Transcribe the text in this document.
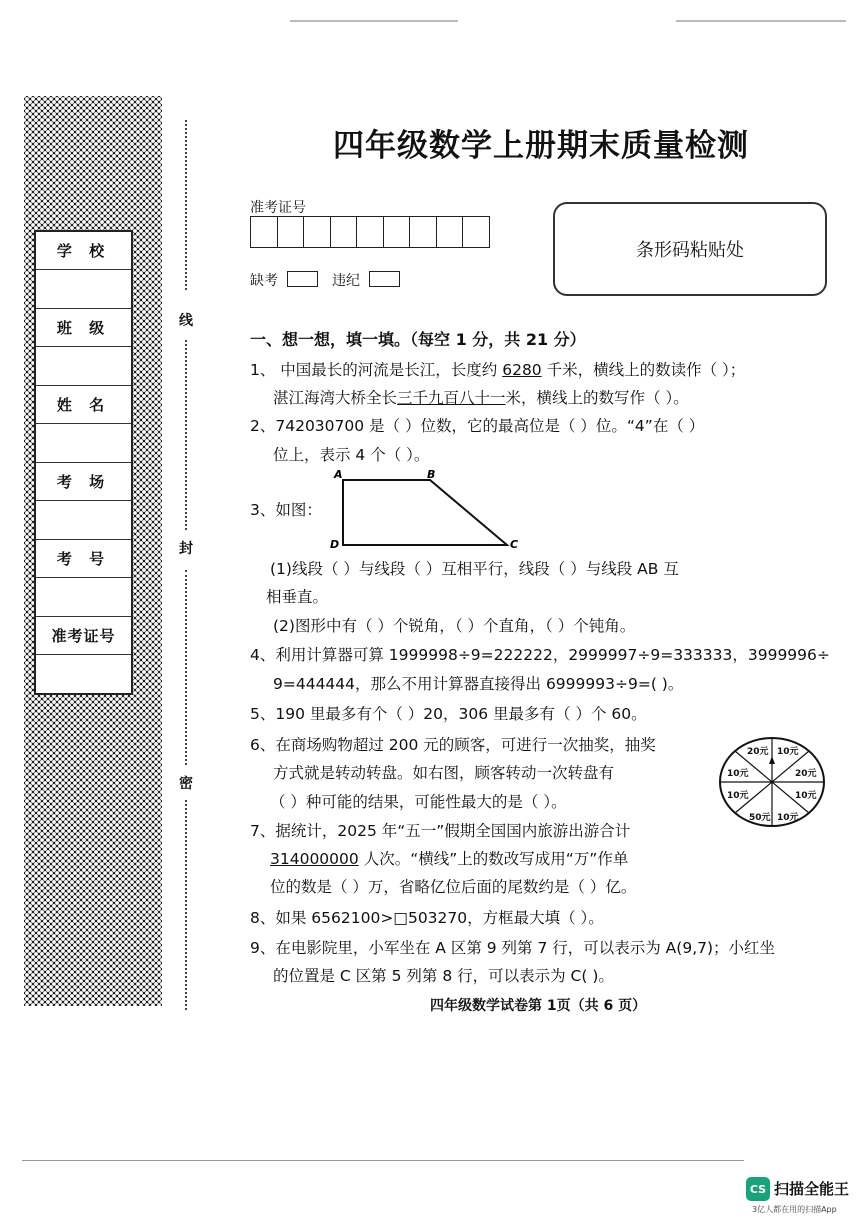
学 校
班 级
姓 名
考 场
考 号
准考证号
线
封
密
四年级数学上册期末质量检测
准考证号
缺考	违纪
条形码粘贴处
一、想一想，填一填。（每空 1 分，共 21 分）
1、 中国最长的河流是长江，长度约 6280 千米，横线上的数读作（ ）；
湛江海湾大桥全长三千九百八十一米，横线上的数写作（ ）。
2、742030700 是（ ）位数，它的最高位是（ ）位。“4”在（ ）
位上，表示 4 个（ ）。
3、如图：
A	B
C
D
(1)线段（ ）与线段（ ）互相平行，线段（ ）与线段 AB 互
相垂直。
(2)图形中有（ ）个锐角，（ ）个直角，（ ）个钝角。
4、利用计算器可算 1999998÷9=222222，2999997÷9=333333，3999996÷
9=444444，那么不用计算器直接得出 6999993÷9=( )。
5、190 里最多有个（ ）20，306 里最多有（ ）个 60。
6、在商场购物超过 200 元的顾客，可进行一次抽奖，抽奖
方式就是转动转盘。如右图，顾客转动一次转盘有
（ ）种可能的结果，可能性最大的是（ ）。
20元 10元
10元	20元
10元
50元 10元
10元
7、据统计，2025 年“五一”假期全国国内旅游出游合计
314000000 人次。“横线”上的数改写成用“万”作单
位的数是（ ）万，省略亿位后面的尾数约是（ ）亿。
8、如果 6562100>□503270，方框最大填（ ）。
9、在电影院里，小军坐在 A 区第 9 列第 7 行，可以表示为 A(9,7)；小红坐
的位置是 C 区第 5 列第 8 行，可以表示为 C( )。
四年级数学试卷第 1页（共 6 页）
CS 扫描全能王
3亿人都在用的扫描App
